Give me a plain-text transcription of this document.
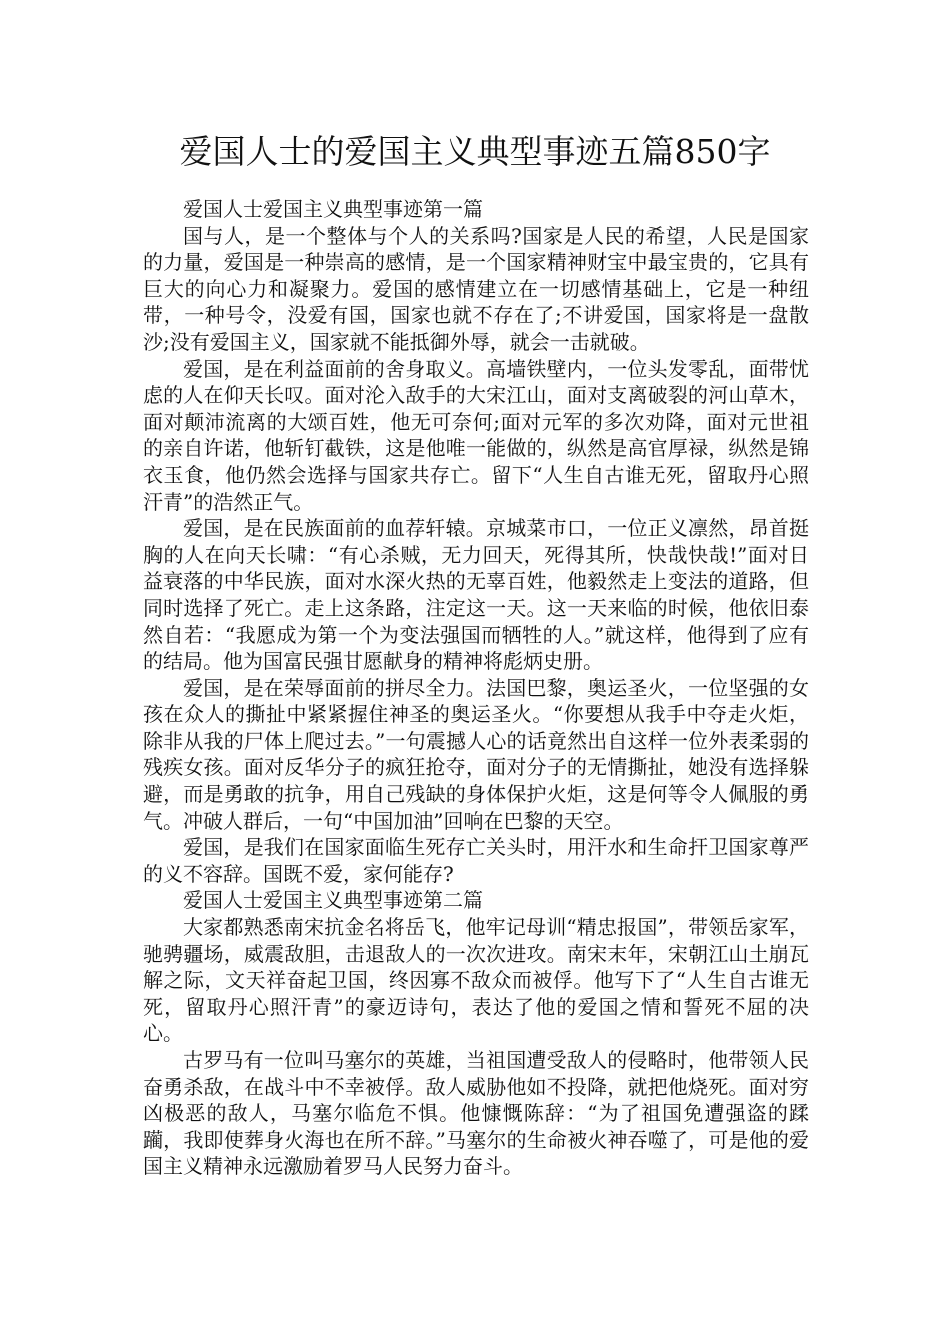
爱国人士的爱国主义典型事迹五篇850字

爱国人士爱国主义典型事迹第一篇

国与人，是一个整体与个人的关系吗?国家是人民的希望，人民是国家的力量，爱国是一种崇高的感情，是一个国家精神财宝中最宝贵的，它具有巨大的向心力和凝聚力。爱国的感情建立在一切感情基础上，它是一种纽带，一种号令，没爱有国，国家也就不存在了;不讲爱国，国家将是一盘散沙;没有爱国主义，国家就不能抵御外辱，就会一击就破。

爱国，是在利益面前的舍身取义。高墙铁壁内，一位头发零乱，面带忧虑的人在仰天长叹。面对沦入敌手的大宋江山，面对支离破裂的河山草木，面对颠沛流离的大颂百姓，他无可奈何;面对元军的多次劝降，面对元世祖的亲自许诺，他斩钉截铁，这是他唯一能做的，纵然是高官厚禄，纵然是锦衣玉食，他仍然会选择与国家共存亡。留下“人生自古谁无死，留取丹心照汗青”的浩然正气。

爱国，是在民族面前的血荐轩辕。京城菜市口，一位正义凛然，昂首挺胸的人在向天长啸：“有心杀贼，无力回天，死得其所，快哉快哉!”面对日益衰落的中华民族，面对水深火热的无辜百姓，他毅然走上变法的道路，但同时选择了死亡。走上这条路，注定这一天。这一天来临的时候，他依旧泰然自若：“我愿成为第一个为变法强国而牺牲的人。”就这样，他得到了应有的结局。他为国富民强甘愿献身的精神将彪炳史册。

爱国，是在荣辱面前的拼尽全力。法国巴黎，奥运圣火，一位坚强的女孩在众人的撕扯中紧紧握住神圣的奥运圣火。“你要想从我手中夺走火炬，除非从我的尸体上爬过去。”一句震撼人心的话竟然出自这样一位外表柔弱的残疾女孩。面对反华分子的疯狂抢夺，面对分子的无情撕扯，她没有选择躲避，而是勇敢的抗争，用自己残缺的身体保护火炬，这是何等令人佩服的勇气。冲破人群后，一句“中国加油”回响在巴黎的天空。

爱国，是我们在国家面临生死存亡关头时，用汗水和生命扞卫国家尊严的义不容辞。国既不爱，家何能存?

爱国人士爱国主义典型事迹第二篇

大家都熟悉南宋抗金名将岳飞，他牢记母训“精忠报国”，带领岳家军，驰骋疆场，威震敌胆，击退敌人的一次次进攻。南宋末年，宋朝江山土崩瓦解之际，文天祥奋起卫国，终因寡不敌众而被俘。他写下了“人生自古谁无死，留取丹心照汗青”的豪迈诗句，表达了他的爱国之情和誓死不屈的决心。

古罗马有一位叫马塞尔的英雄，当祖国遭受敌人的侵略时，他带领人民奋勇杀敌，在战斗中不幸被俘。敌人威胁他如不投降，就把他烧死。面对穷凶极恶的敌人，马塞尔临危不惧。他慷慨陈辞：“为了祖国免遭强盗的蹂躏，我即使葬身火海也在所不辞。”马塞尔的生命被火神吞噬了，可是他的爱国主义精神永远激励着罗马人民努力奋斗。
